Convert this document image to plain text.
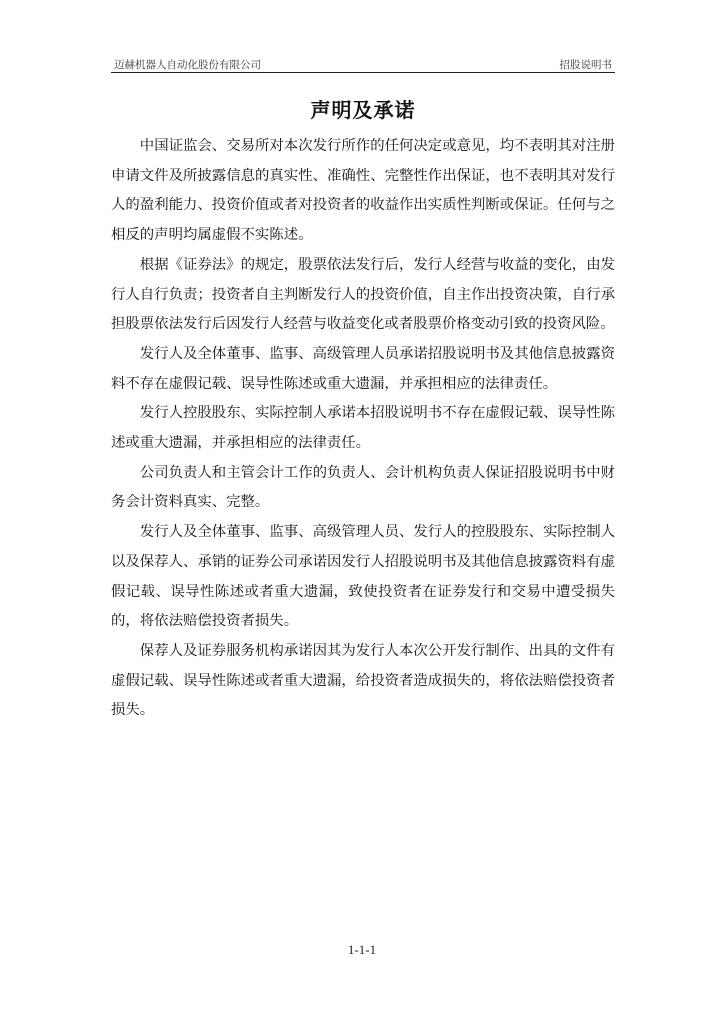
迈赫机器人自动化股份有限公司	招股说明书
声明及承诺

中国证监会、交易所对本次发行所作的任何决定或意见，均不表明其对注册申请文件及所披露信息的真实性、准确性、完整性作出保证，也不表明其对发行人的盈利能力、投资价值或者对投资者的收益作出实质性判断或保证。任何与之相反的声明均属虚假不实陈述。

根据《证券法》的规定，股票依法发行后，发行人经营与收益的变化，由发行人自行负责；投资者自主判断发行人的投资价值，自主作出投资决策，自行承担股票依法发行后因发行人经营与收益变化或者股票价格变动引致的投资风险。

发行人及全体董事、监事、高级管理人员承诺招股说明书及其他信息披露资料不存在虚假记载、误导性陈述或重大遗漏，并承担相应的法律责任。

发行人控股股东、实际控制人承诺本招股说明书不存在虚假记载、误导性陈述或重大遗漏，并承担相应的法律责任。

公司负责人和主管会计工作的负责人、会计机构负责人保证招股说明书中财务会计资料真实、完整。

发行人及全体董事、监事、高级管理人员、发行人的控股股东、实际控制人以及保荐人、承销的证券公司承诺因发行人招股说明书及其他信息披露资料有虚假记载、误导性陈述或者重大遗漏，致使投资者在证券发行和交易中遭受损失的，将依法赔偿投资者损失。

保荐人及证券服务机构承诺因其为发行人本次公开发行制作、出具的文件有虚假记载、误导性陈述或者重大遗漏，给投资者造成损失的，将依法赔偿投资者损失。

1-1-1
